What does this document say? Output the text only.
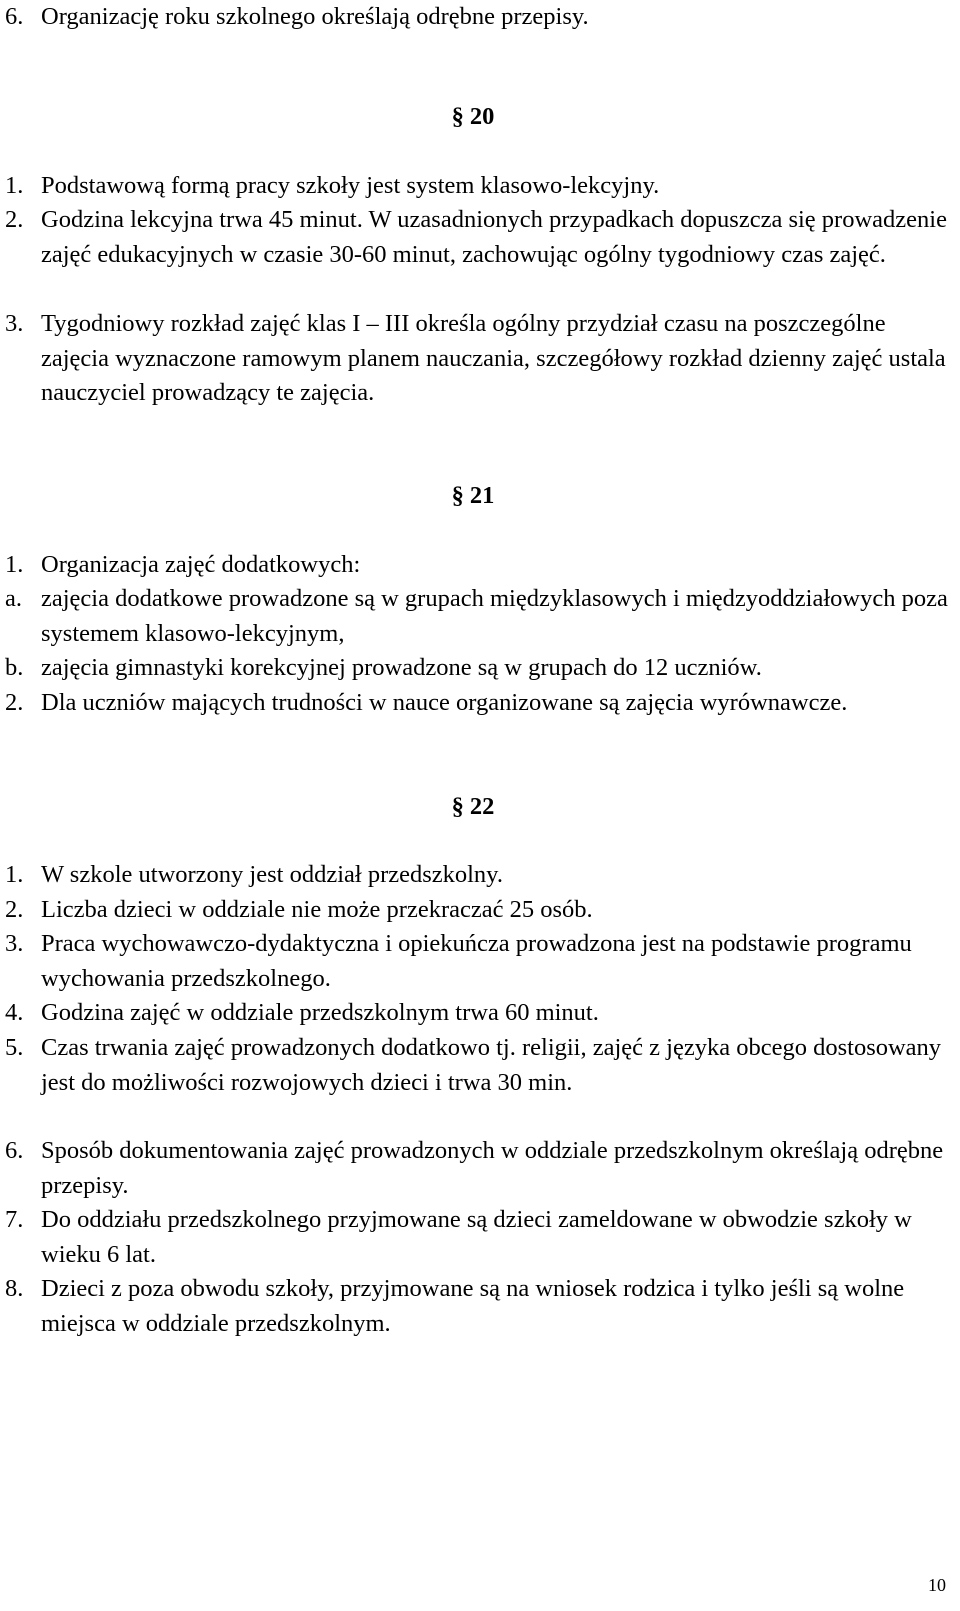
6. Organizację roku szkolnego określają odrębne przepisy.
§ 20
1. Podstawową formą pracy szkoły jest system klasowo-lekcyjny.
2. Godzina lekcyjna trwa 45 minut. W uzasadnionych przypadkach dopuszcza się prowadzenie zajęć edukacyjnych w czasie 30-60 minut, zachowując ogólny tygodniowy czas zajęć.
3. Tygodniowy rozkład zajęć klas I – III określa ogólny przydział czasu na poszczególne zajęcia wyznaczone ramowym planem nauczania, szczegółowy rozkład dzienny zajęć ustala nauczyciel prowadzący te zajęcia.
§ 21
1. Organizacja zajęć dodatkowych:
a. zajęcia dodatkowe prowadzone są w grupach międzyklasowych i międzyoddziałowych poza systemem klasowo-lekcyjnym,
b. zajęcia gimnastyki korekcyjnej prowadzone są w grupach do 12 uczniów.
2. Dla uczniów mających trudności w nauce organizowane są zajęcia wyrównawcze.
§ 22
1. W szkole utworzony jest oddział przedszkolny.
2. Liczba dzieci w oddziale nie może przekraczać 25 osób.
3. Praca wychowawczo-dydaktyczna i opiekuńcza prowadzona jest na podstawie programu wychowania przedszkolnego.
4. Godzina zajęć w oddziale przedszkolnym trwa 60 minut.
5. Czas trwania zajęć prowadzonych dodatkowo tj. religii, zajęć z języka obcego dostosowany jest do możliwości rozwojowych dzieci i trwa 30 min.
6. Sposób dokumentowania zajęć prowadzonych w oddziale przedszkolnym określają odrębne przepisy.
7. Do oddziału przedszkolnego przyjmowane są dzieci zameldowane w obwodzie szkoły w wieku 6 lat.
8. Dzieci z poza obwodu szkoły, przyjmowane są na wniosek rodzica i tylko jeśli są wolne miejsca w oddziale przedszkolnym.
10
